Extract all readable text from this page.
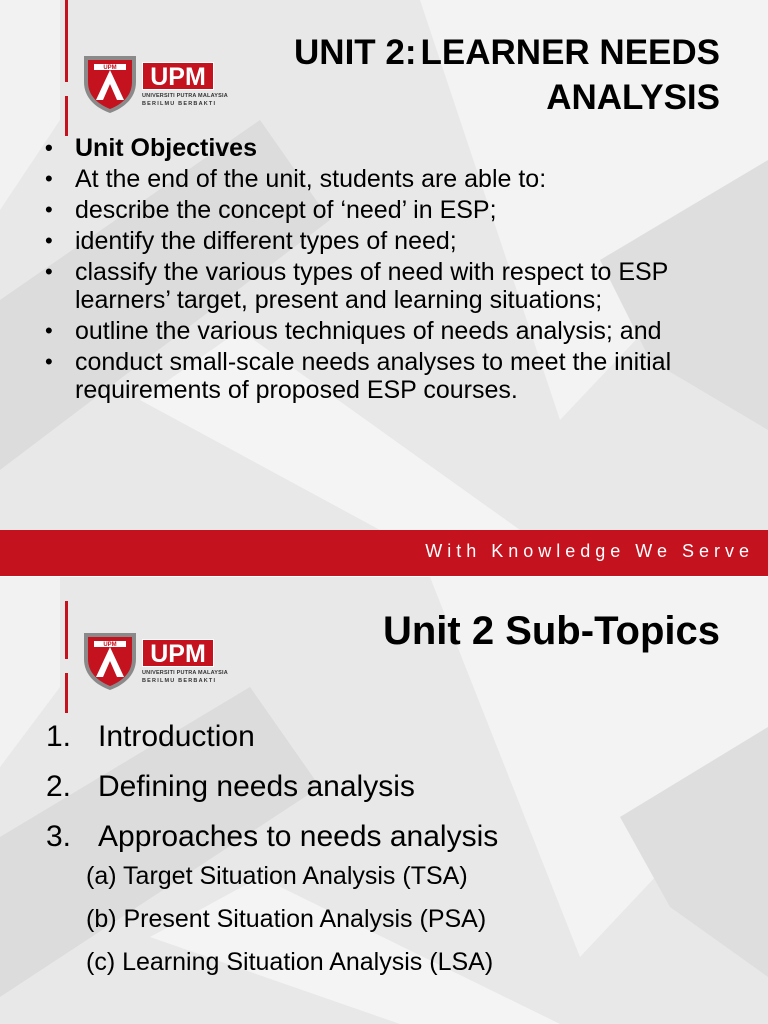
UPM UPM
UNIVERSITI PUTRA MALAYSIA
BERILMU BERBAKTI
UNIT 2: LEARNER NEEDS
ANALYSIS
• Unit Objectives
• At the end of the unit, students are able to:
• describe the concept of ‘need’ in ESP;
• identify the different types of need;
• classify the various types of need with respect to ESP learners’ target, present and learning situations;
• outline the various techniques of needs analysis; and
• conduct small-scale needs analyses to meet the initial requirements of proposed ESP courses.
With Knowledge We Serve
UPM UPM
UNIVERSITI PUTRA MALAYSIA
BERILMU BERBAKTI
Unit 2 Sub-Topics
1. Introduction
2. Defining needs analysis
3. Approaches to needs analysis
(a) Target Situation Analysis (TSA)
(b) Present Situation Analysis (PSA)
(c) Learning Situation Analysis (LSA)
